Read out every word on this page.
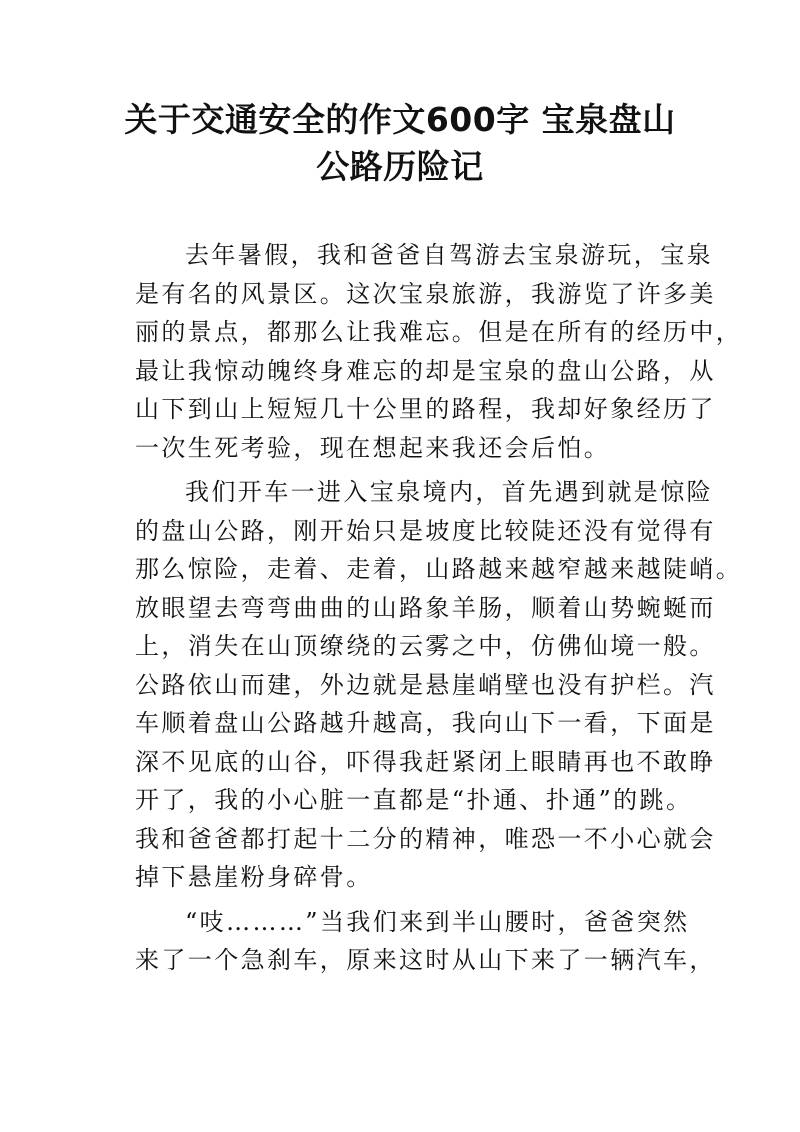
关于交通安全的作文600字 宝泉盘山
公路历险记
去年暑假，我和爸爸自驾游去宝泉游玩，宝泉
是有名的风景区。这次宝泉旅游，我游览了许多美
丽的景点，都那么让我难忘。但是在所有的经历中，
最让我惊动魄终身难忘的却是宝泉的盘山公路，从
山下到山上短短几十公里的路程，我却好象经历了
一次生死考验，现在想起来我还会后怕。
我们开车一进入宝泉境内，首先遇到就是惊险
的盘山公路，刚开始只是坡度比较陡还没有觉得有
那么惊险，走着、走着，山路越来越窄越来越陡峭。
放眼望去弯弯曲曲的山路象羊肠，顺着山势蜿蜒而
上，消失在山顶缭绕的云雾之中，仿佛仙境一般。
公路依山而建，外边就是悬崖峭壁也没有护栏。汽
车顺着盘山公路越升越高，我向山下一看，下面是
深不见底的山谷，吓得我赶紧闭上眼睛再也不敢睁
开了，我的小心脏一直都是“扑通、扑通”的跳。
我和爸爸都打起十二分的精神，唯恐一不小心就会
掉下悬崖粉身碎骨。
“吱………”当我们来到半山腰时，爸爸突然
来了一个急刹车，原来这时从山下来了一辆汽车，
